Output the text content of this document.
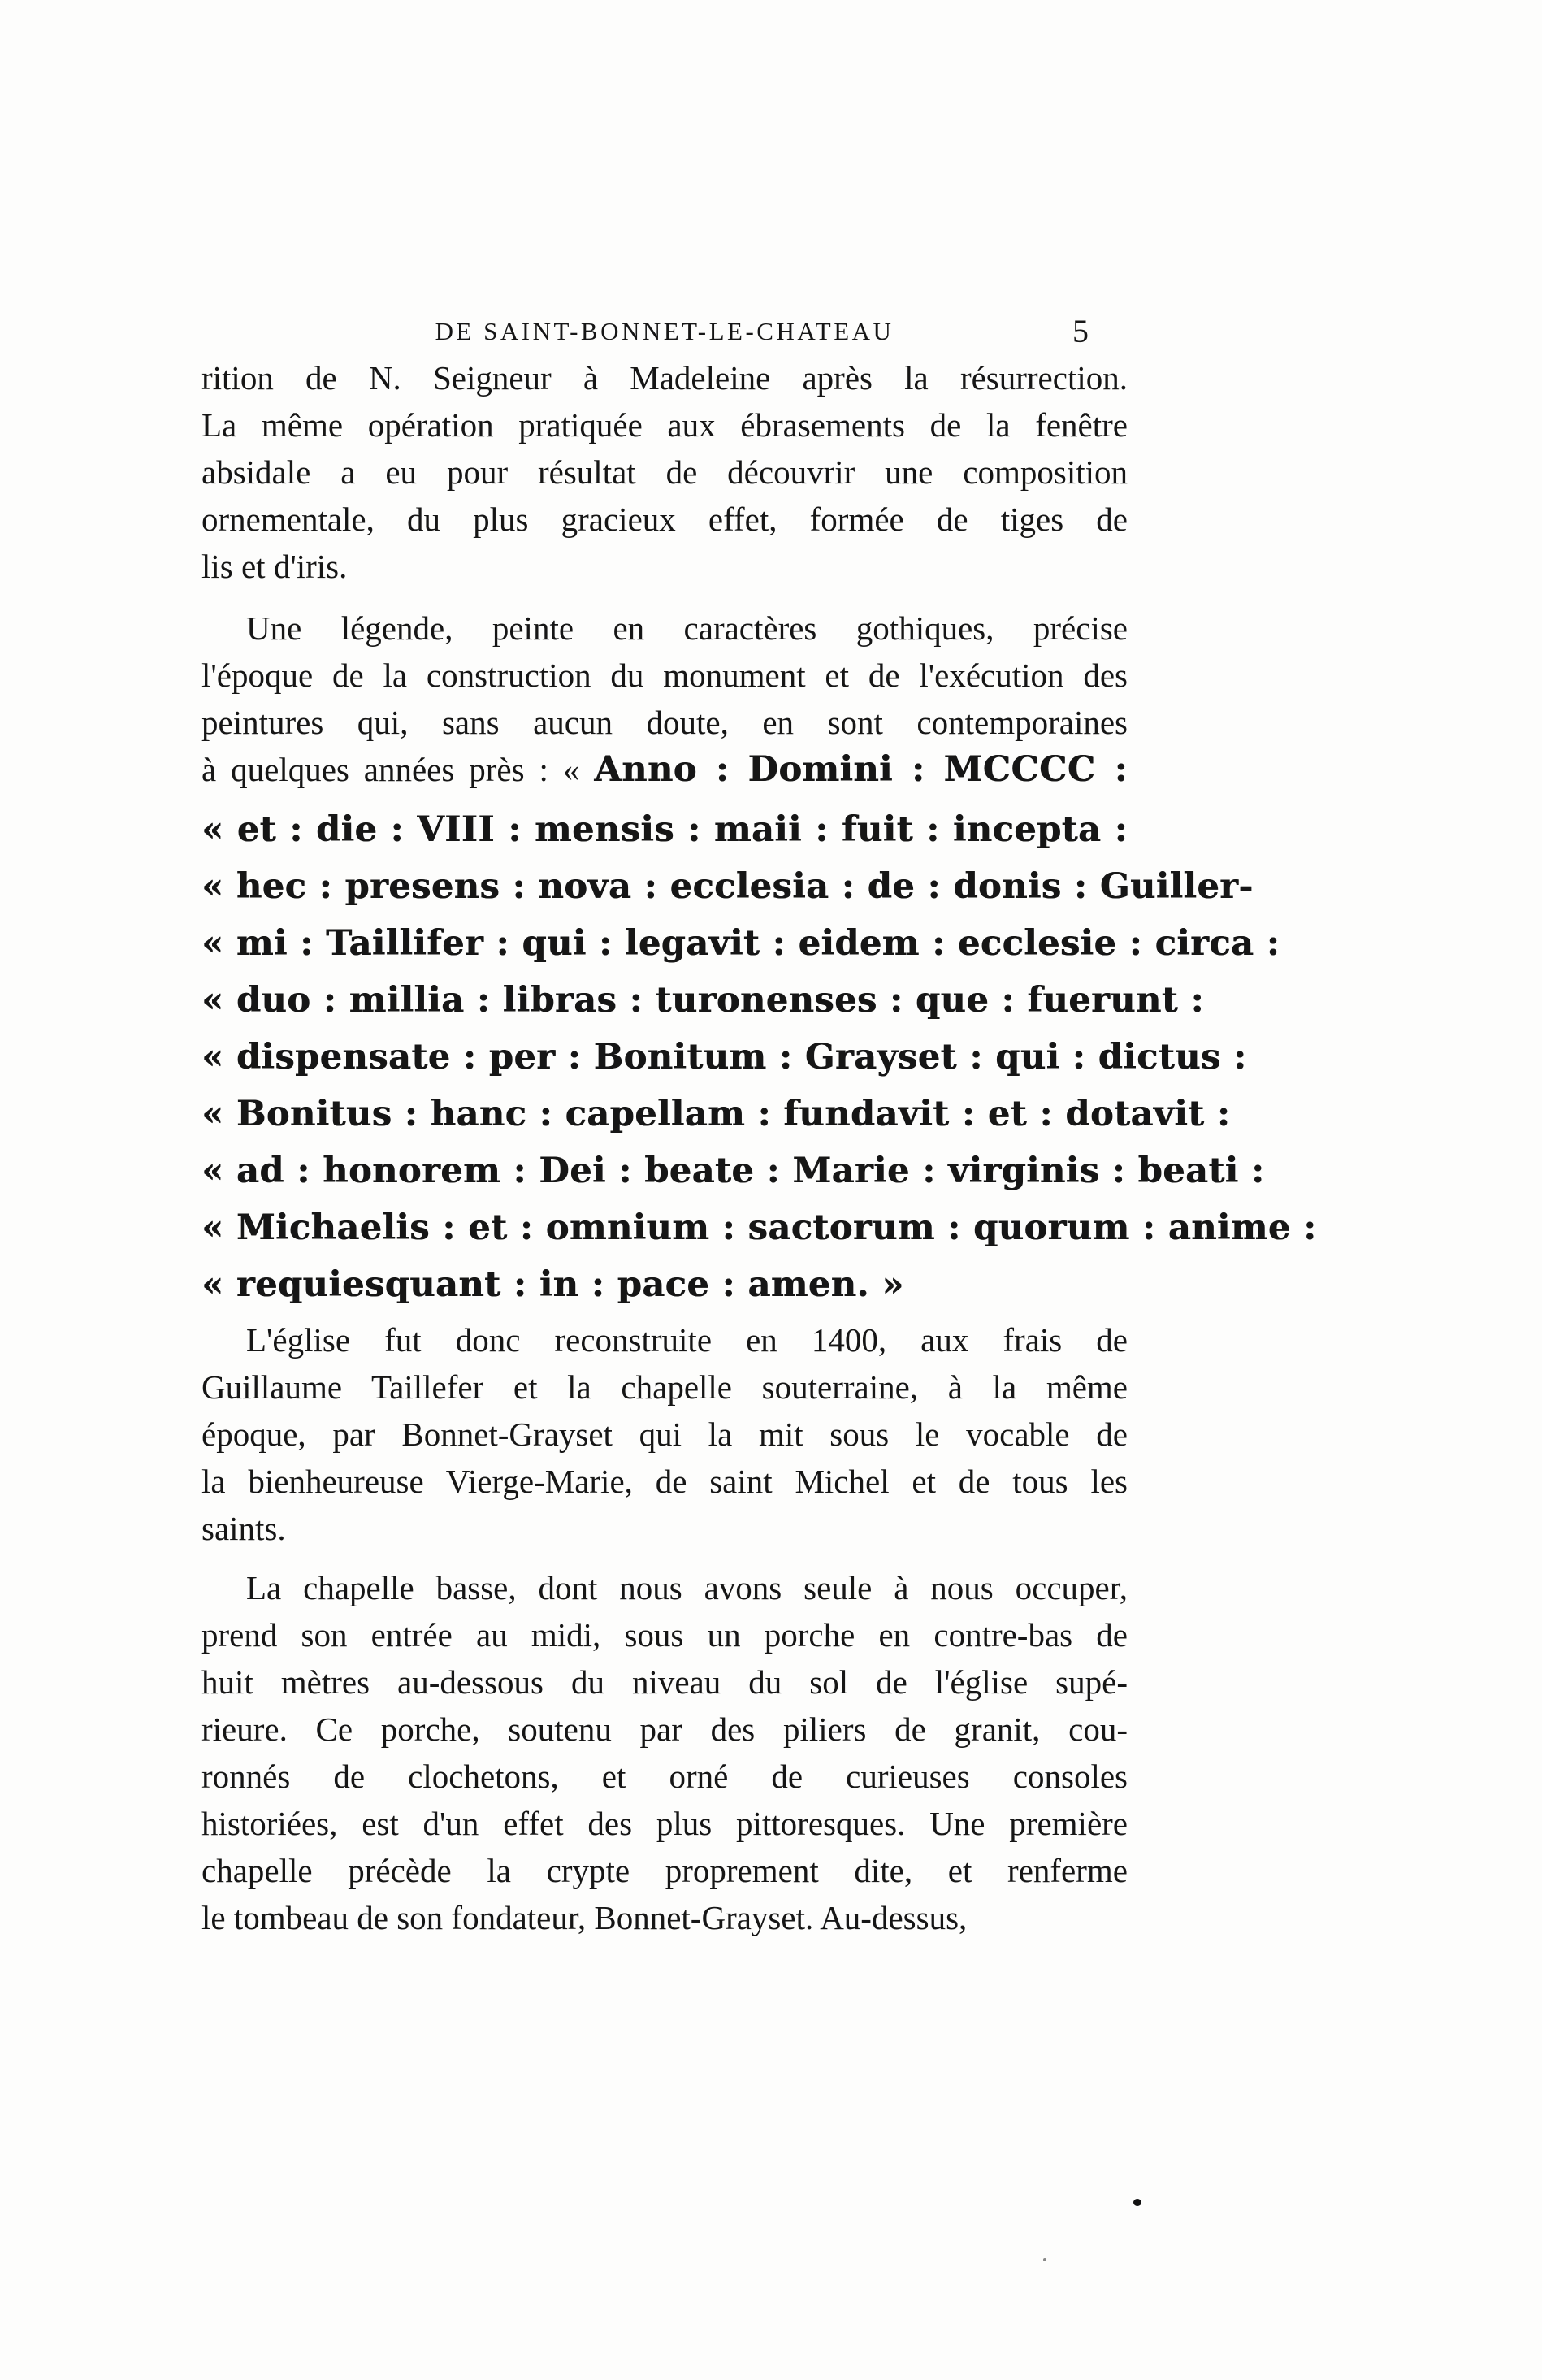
DE SAINT-BONNET-LE-CHATEAU	5
rition de N. Seigneur à Madeleine après la résurrection.
La même opération pratiquée aux ébrasements de la fenêtre
absidale a eu pour résultat de découvrir une composition
ornementale, du plus gracieux effet, formée de tiges de
lis et d'iris.
Une légende, peinte en caractères gothiques, précise
l'époque de la construction du monument et de l'exécution des
peintures qui, sans aucun doute, en sont contemporaines
à quelques années près : « Anno : Domini : MCCCC :
« et : die : VIII : mensis : maii : fuit : incepta :
« hec : presens : nova : ecclesia : de : donis : Guiller-
« mi : Taillifer : qui : legavit : eidem : ecclesie : circa :
« duo : millia : libras : turonenses : que : fuerunt :
« dispensate : per : Bonitum : Grayset : qui : dictus :
« Bonitus : hanc : capellam : fundavit : et : dotavit :
« ad : honorem : Dei : beate : Marie : virginis : beati :
« Michaelis : et : omnium : sactorum : quorum : anime :
« requiesquant : in : pace : amen. »
L'église fut donc reconstruite en 1400, aux frais de
Guillaume Taillefer et la chapelle souterraine, à la même
époque, par Bonnet-Grayset qui la mit sous le vocable de
la bienheureuse Vierge-Marie, de saint Michel et de tous les
saints.
La chapelle basse, dont nous avons seule à nous occuper,
prend son entrée au midi, sous un porche en contre-bas de
huit mètres au-dessous du niveau du sol de l'église supé-
rieure. Ce porche, soutenu par des piliers de granit, cou-
ronnés de clochetons, et orné de curieuses consoles
historiées, est d'un effet des plus pittoresques. Une première
chapelle précède la crypte proprement dite, et renferme
le tombeau de son fondateur, Bonnet-Grayset. Au-dessus,
